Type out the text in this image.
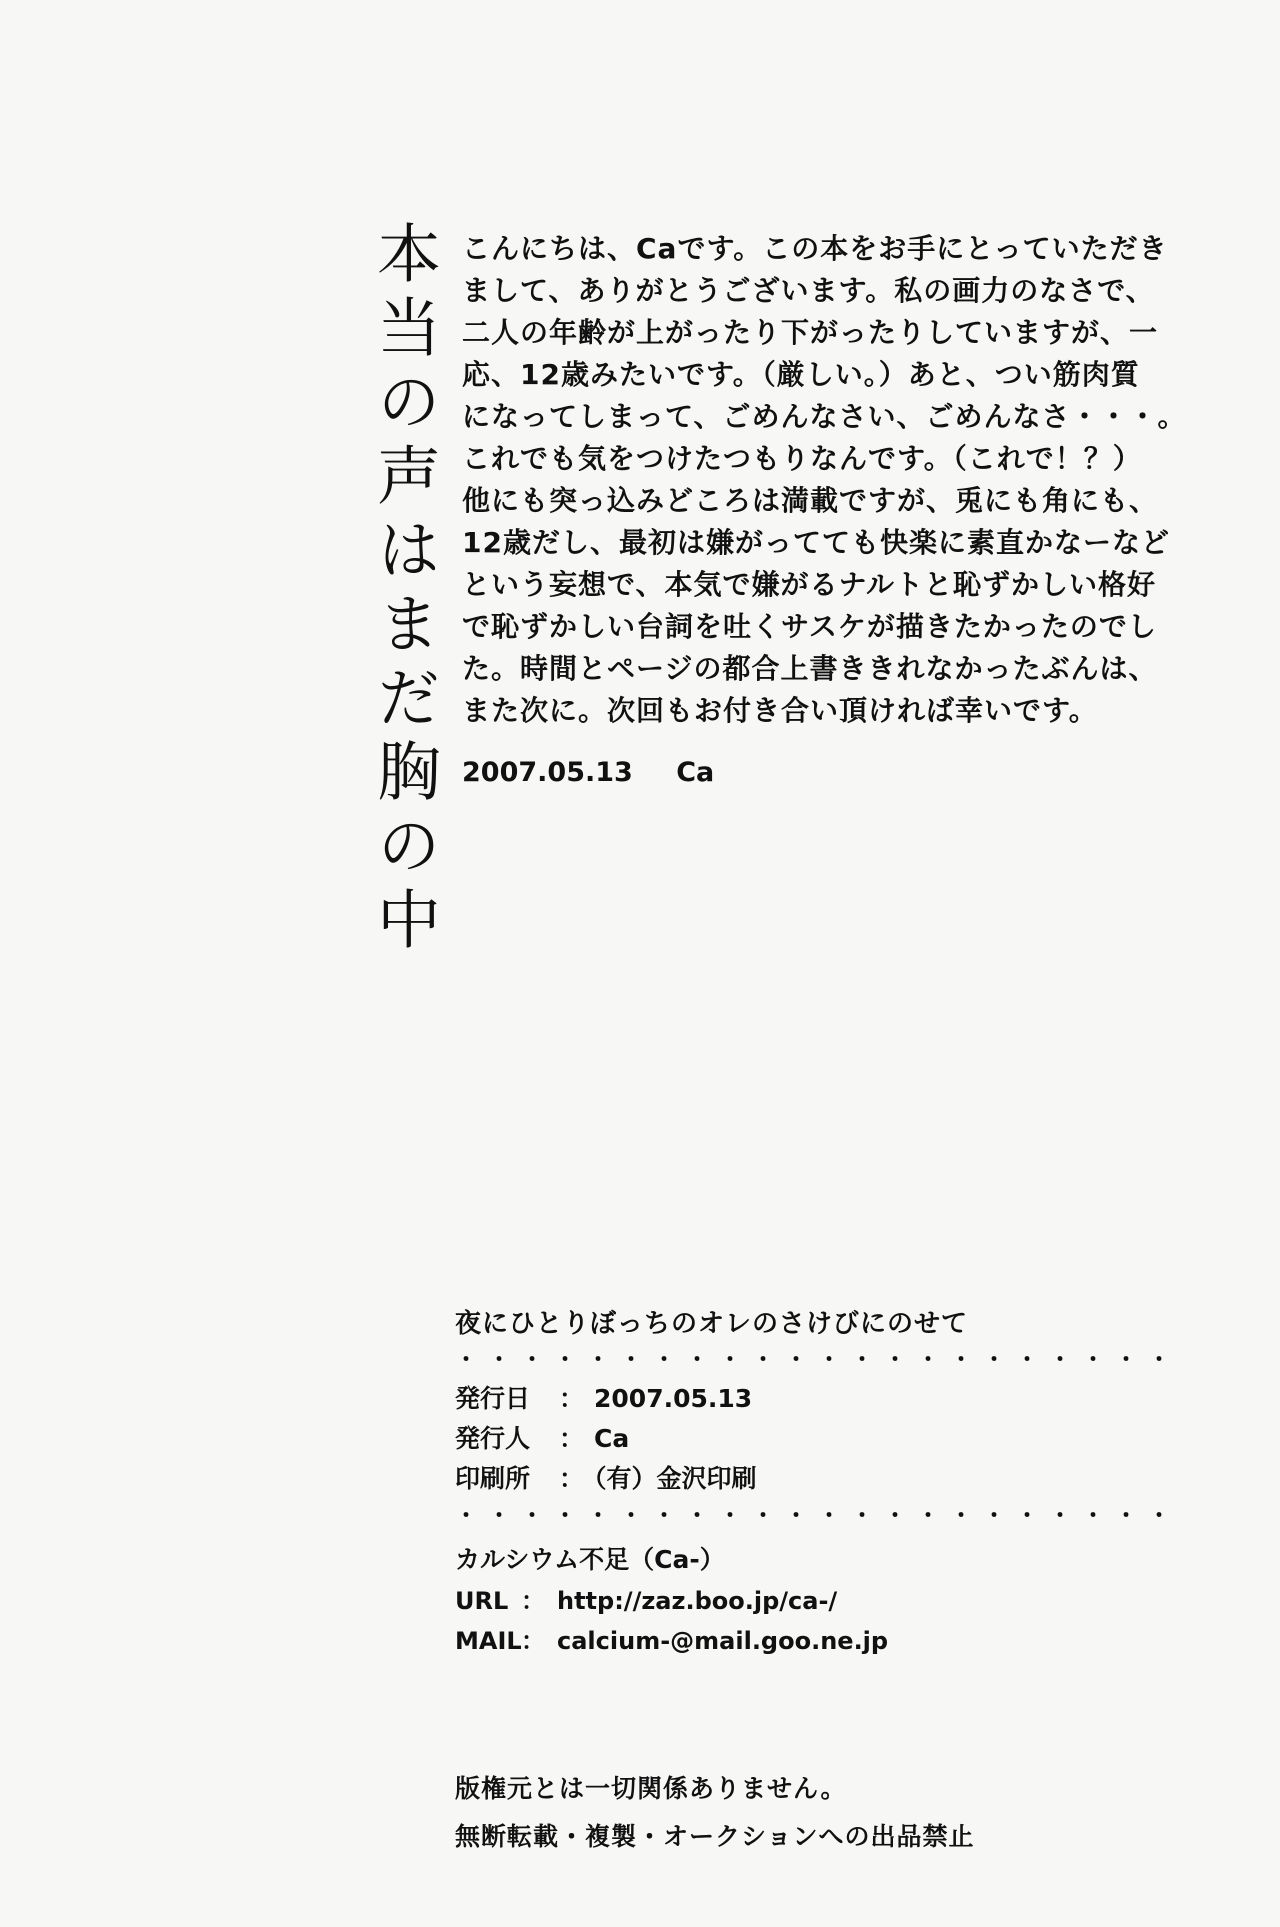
本当の声はまだ胸の中 こんにちは、Caです。この本をお手にとっていただき
まして、ありがとうございます。私の画力のなさで、
二人の年齢が上がったり下がったりしていますが、一
応、12歳みたいです。（厳しい。）あと、つい筋肉質
になってしまって、ごめんなさい、ごめんなさ・・・。
これでも気をつけたつもりなんです。（これで！？）
他にも突っ込みどころは満載ですが、兎にも角にも、
12歳だし、最初は嫌がってても快楽に素直かなーなど
という妄想で、本気で嫌がるナルトと恥ずかしい格好
で恥ずかしい台詞を吐くサスケが描きたかったのでし
た。時間とページの都合上書ききれなかったぶんは、
また次に。次回もお付き合い頂ければ幸いです。
2007.05.13 Ca
夜にひとりぼっちのオレのさけびにのせて
・・・・・・・・・・・・・・・・・・・・・・
発行日 ： 2007.05.13
発行人 ： Ca
印刷所 ： （有）金沢印刷
・・・・・・・・・・・・・・・・・・・・・・
カルシウム不足（Ca-）
URL ： http://zaz.boo.jp/ca-/
MAIL： calcium-@mail.goo.ne.jp
版権元とは一切関係ありません。
無断転載・複製・オークションへの出品禁止
